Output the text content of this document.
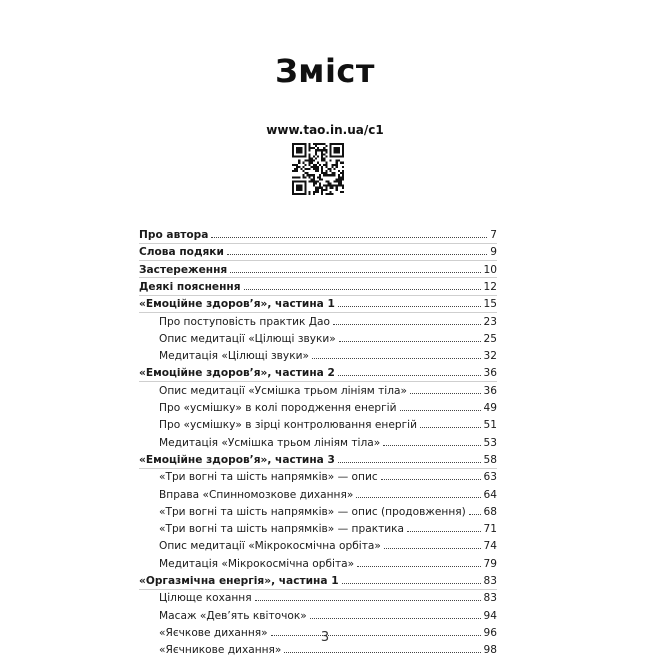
Зміст
www.tao.in.ua/c1
Про автора	7
Слова подяки	9
Застереження	10
Деякі пояснення	12
«Емоційне здоров’я», частина 1	15
Про поступовість практик Дао	23
Опис медитації «Цілющі звуки»	25
Медитація «Цілющі звуки»	32
«Емоційне здоров’я», частина 2	36
Опис медитації «Усмішка трьом лініям тіла»	36
Про «усмішку» в колі породження енергій	49
Про «усмішку» в зірці контролювання енергій	51
Медитація «Усмішка трьом лініям тіла»	53
«Емоційне здоров’я», частина 3	58
«Три вогні та шість напрямків» — опис	63
Вправа «Спинномозкове дихання»	64
«Три вогні та шість напрямків» — опис (продовження) 68
«Три вогні та шість напрямків» — практика	71
Опис медитації «Мікрокосмічна орбіта»	74
Медитація «Мікрокосмічна орбіта»	79
«Оргазмічна енергія», частина 1	83
Цілюще кохання	83
Масаж «Дев’ять квіточок»	94
«Яєчкове дихання»	96
«Яєчникове дихання»	98
3
